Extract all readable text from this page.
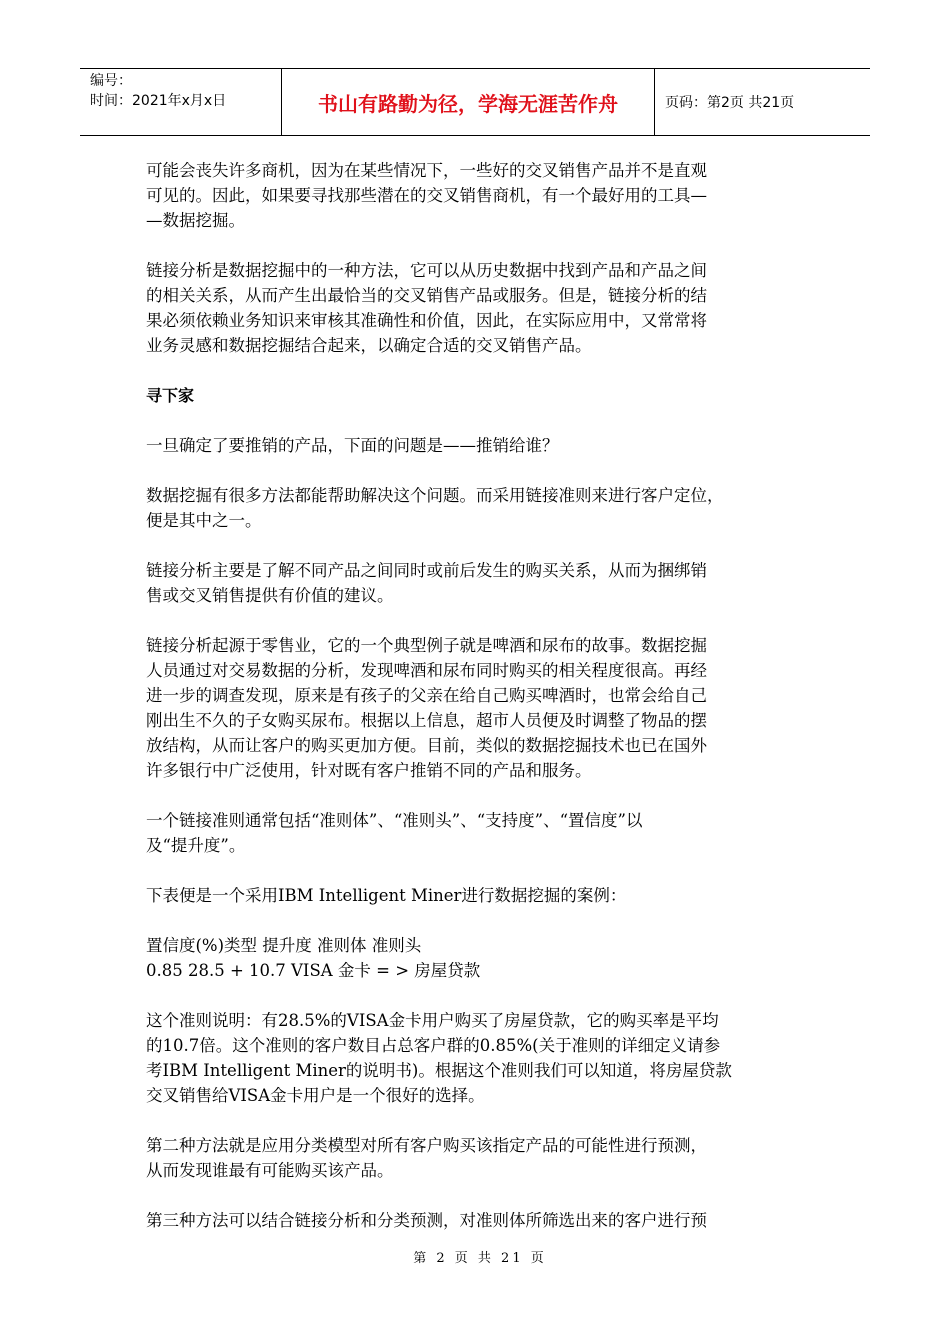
编号：
时间：2021年x月x日	书山有路勤为径，学海无涯苦作舟	页码：第2页 共21页

可能会丧失许多商机，因为在某些情况下，一些好的交叉销售产品并不是直观
可见的。因此，如果要寻找那些潜在的交叉销售商机，有一个最好用的工具—
—数据挖掘。

链接分析是数据挖掘中的一种方法，它可以从历史数据中找到产品和产品之间
的相关关系，从而产生出最恰当的交叉销售产品或服务。但是，链接分析的结
果必须依赖业务知识来审核其准确性和价值，因此，在实际应用中，又常常将
业务灵感和数据挖掘结合起来，以确定合适的交叉销售产品。

寻下家

一旦确定了要推销的产品，下面的问题是——推销给谁？

数据挖掘有很多方法都能帮助解决这个问题。而采用链接准则来进行客户定位，
便是其中之一。

链接分析主要是了解不同产品之间同时或前后发生的购买关系，从而为捆绑销
售或交叉销售提供有价值的建议。

链接分析起源于零售业，它的一个典型例子就是啤酒和尿布的故事。数据挖掘
人员通过对交易数据的分析，发现啤酒和尿布同时购买的相关程度很高。再经
进一步的调查发现，原来是有孩子的父亲在给自己购买啤酒时，也常会给自己
刚出生不久的子女购买尿布。根据以上信息，超市人员便及时调整了物品的摆
放结构，从而让客户的购买更加方便。目前，类似的数据挖掘技术也已在国外
许多银行中广泛使用，针对既有客户推销不同的产品和服务。

一个链接准则通常包括“准则体”、“准则头”、“支持度”、“置信度”以
及“提升度”。

下表便是一个采用IBM Intelligent Miner进行数据挖掘的案例：

置信度(%)类型 提升度 准则体 准则头
0.85 28.5 + 10.7 VISA 金卡 = > 房屋贷款

这个准则说明：有28.5%的VISA金卡用户购买了房屋贷款，它的购买率是平均
的10.7倍。这个准则的客户数目占总客户群的0.85%(关于准则的详细定义请参
考IBM Intelligent Miner的说明书)。根据这个准则我们可以知道，将房屋贷款
交叉销售给VISA金卡用户是一个很好的选择。

第二种方法就是应用分类模型对所有客户购买该指定产品的可能性进行预测，
从而发现谁最有可能购买该产品。

第三种方法可以结合链接分析和分类预测，对准则体所筛选出来的客户进行预

第 2 页 共 21 页
